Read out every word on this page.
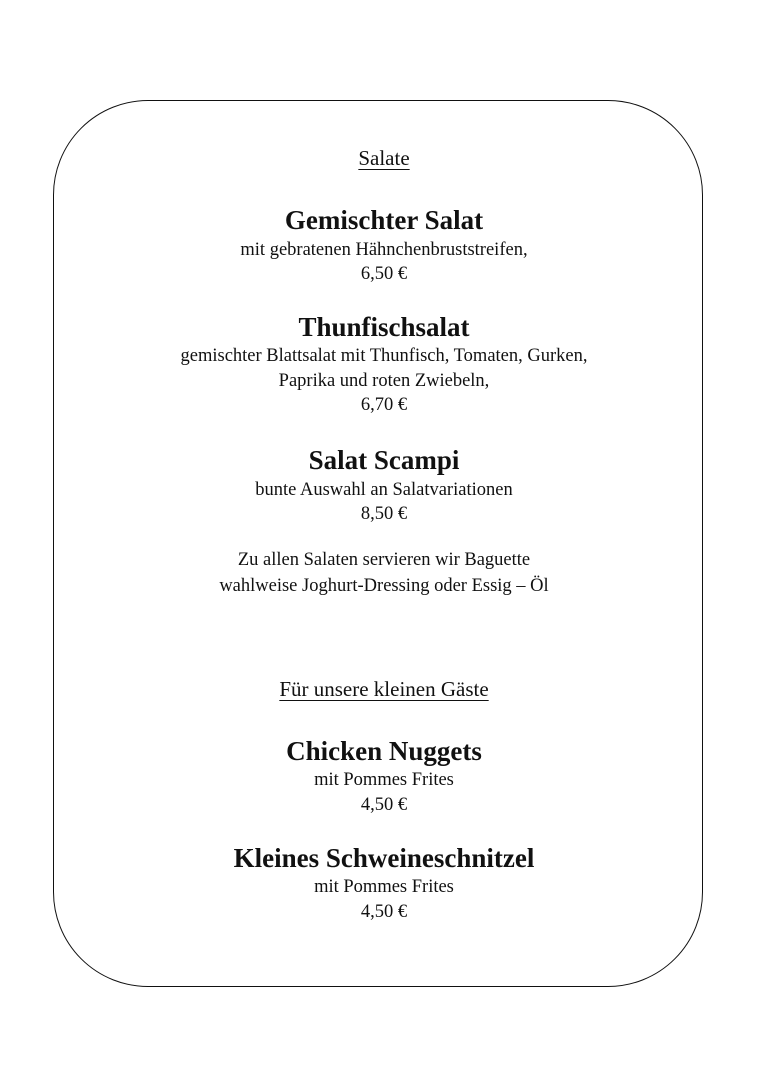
Salate
Gemischter Salat
mit gebratenen Hähnchenbruststreifen,
6,50 €
Thunfischsalat
gemischter Blattsalat mit Thunfisch, Tomaten, Gurken,
Paprika und roten Zwiebeln,
6,70 €
Salat Scampi
bunte Auswahl an Salatvariationen
8,50 €
Zu allen Salaten servieren wir Baguette
wahlweise Joghurt-Dressing oder Essig – Öl
Für unsere kleinen Gäste
Chicken Nuggets
mit Pommes Frites
4,50 €
Kleines Schweineschnitzel
mit Pommes Frites
4,50 €
